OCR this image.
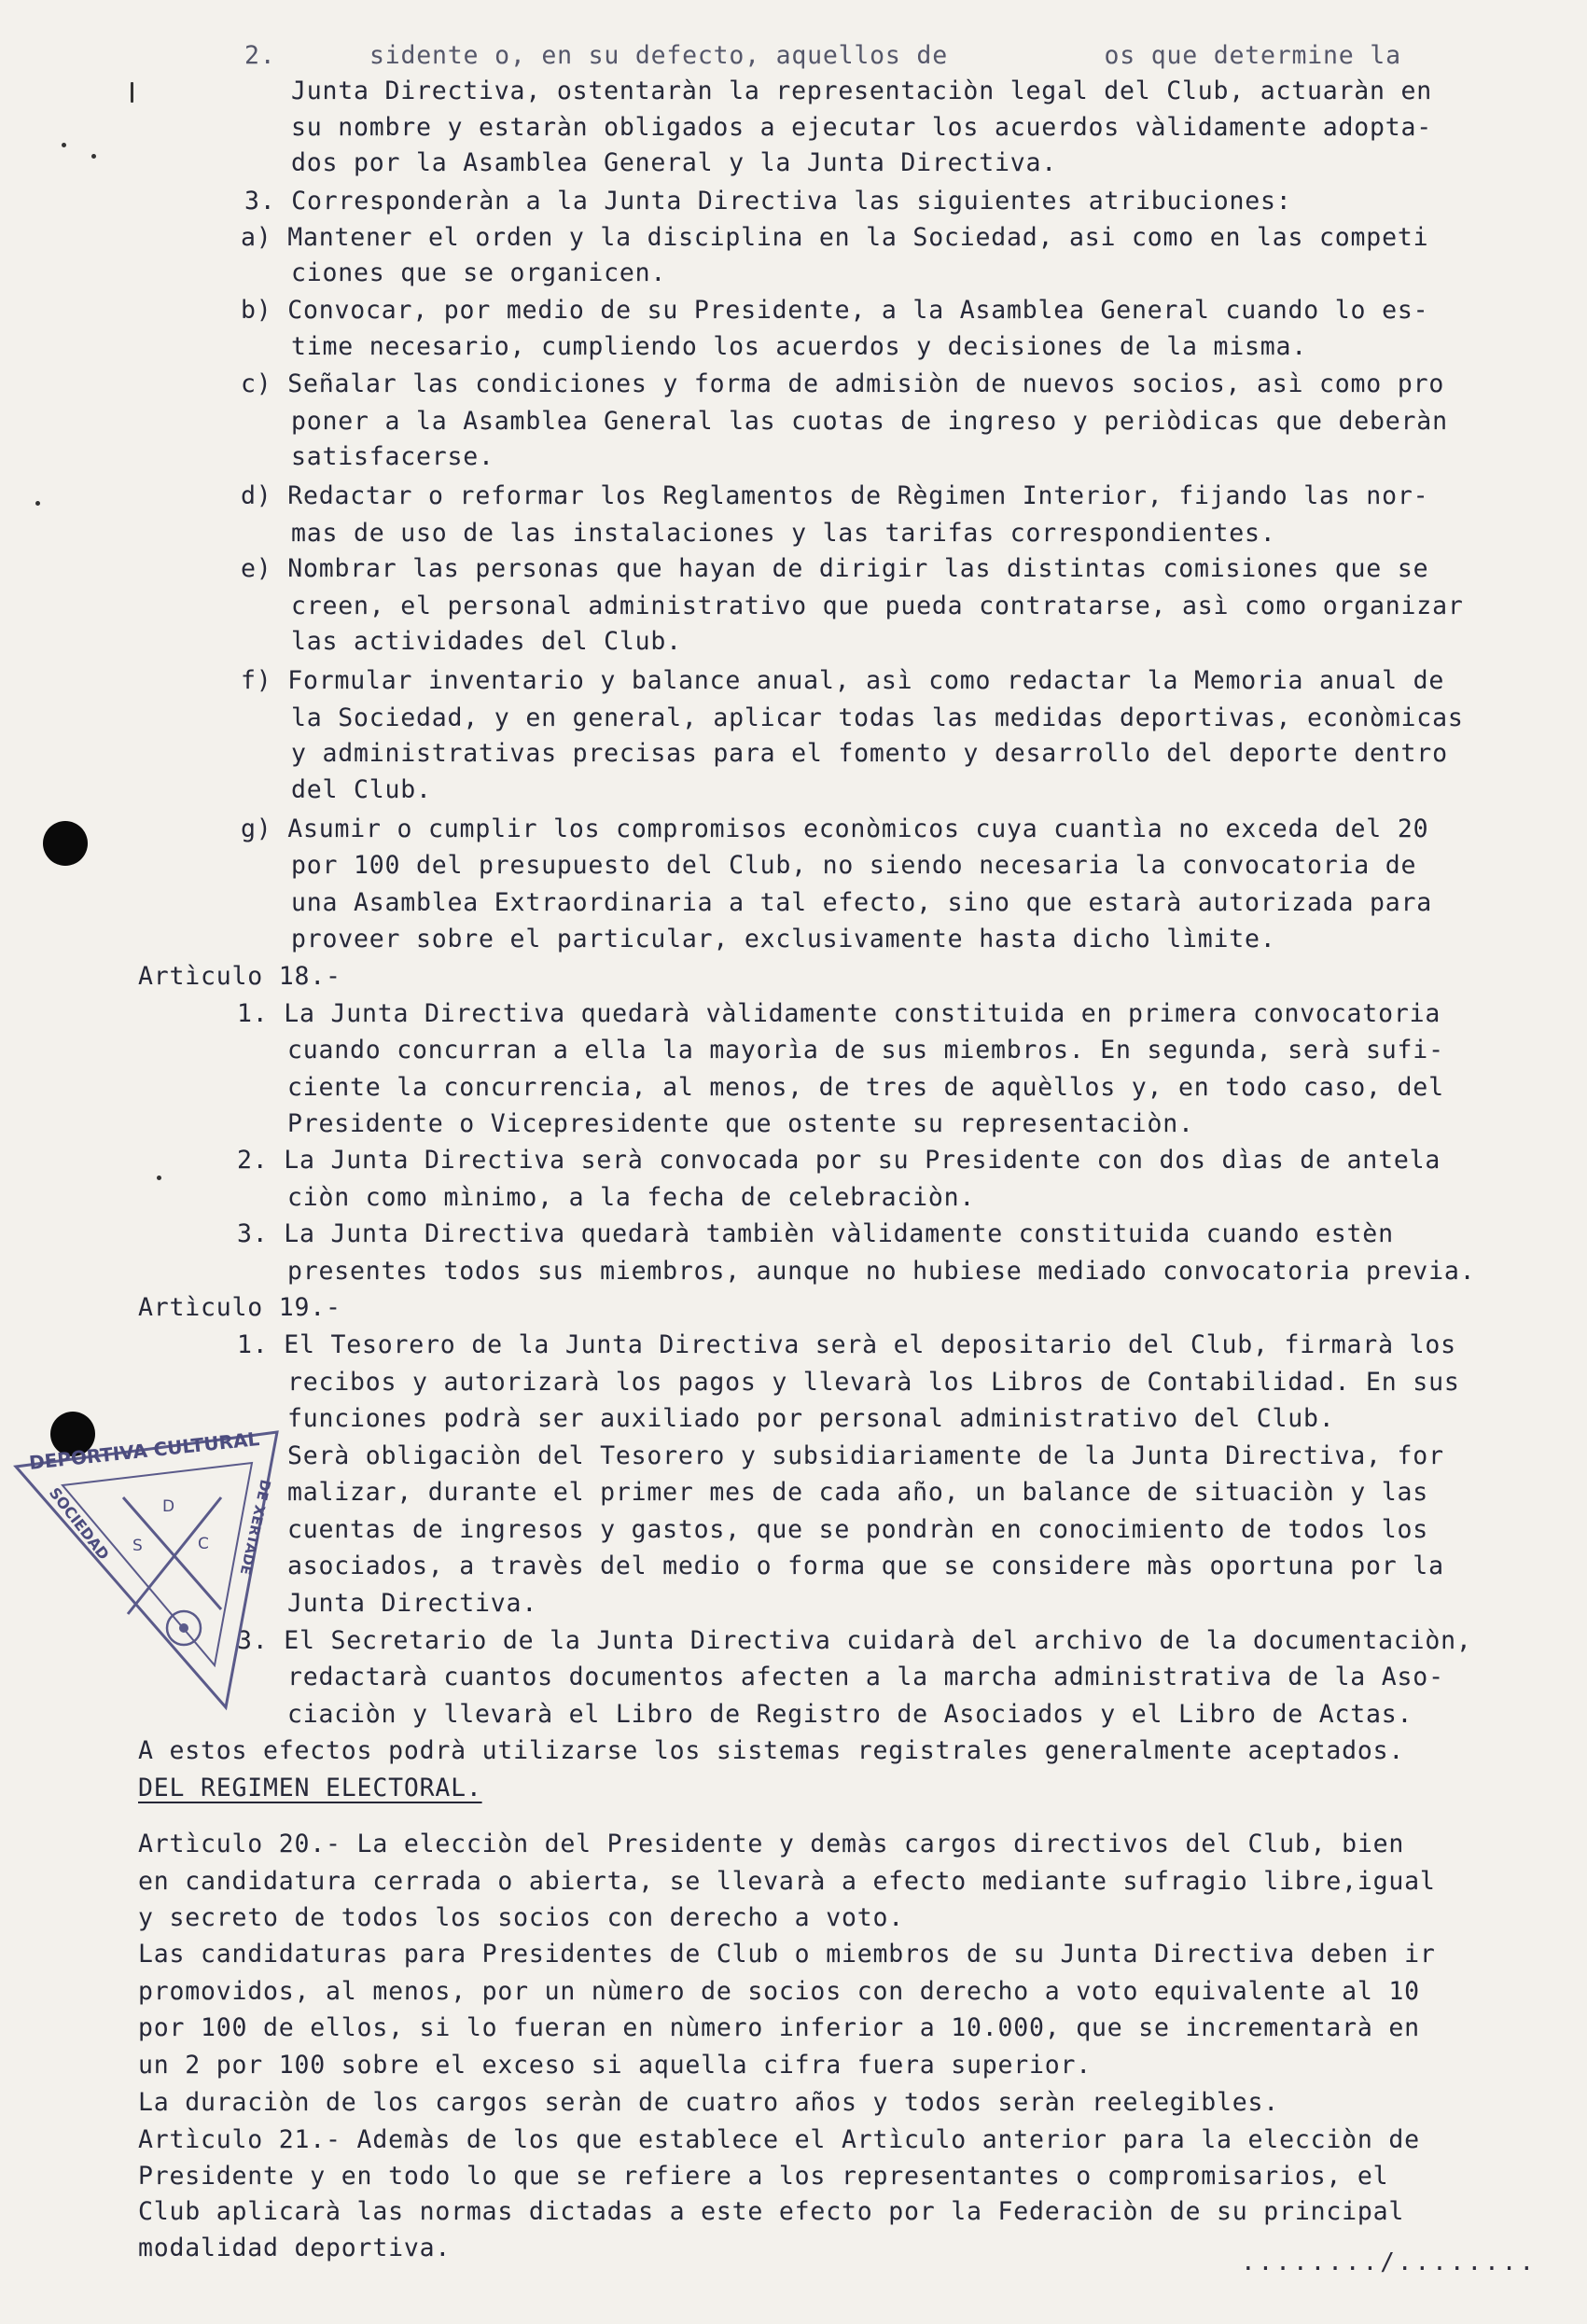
2.      sidente o, en su defecto, aquellos de          os que determine la
Junta Directiva, ostentaràn la representaciòn legal del Club, actuaràn en
su nombre y estaràn obligados a ejecutar los acuerdos vàlidamente adopta-
dos por la Asamblea General y la Junta Directiva.
3. Corresponderàn a la Junta Directiva las siguientes atribuciones:
a) Mantener el orden y la disciplina en la Sociedad, asi como en las competi
ciones que se organicen.
b) Convocar, por medio de su Presidente, a la Asamblea General cuando lo es-
time necesario, cumpliendo los acuerdos y decisiones de la misma.
c) Señalar las condiciones y forma de admisiòn de nuevos socios, asì como pro
poner a la Asamblea General las cuotas de ingreso y periòdicas que deberàn
satisfacerse.
d) Redactar o reformar los Reglamentos de Règimen Interior, fijando las nor-
mas de uso de las instalaciones y las tarifas correspondientes.
e) Nombrar las personas que hayan de dirigir las distintas comisiones que se
creen, el personal administrativo que pueda contratarse, asì como organizar
las actividades del Club.
f) Formular inventario y balance anual, asì como redactar la Memoria anual de
la Sociedad, y en general, aplicar todas las medidas deportivas, econòmicas
y administrativas precisas para el fomento y desarrollo del deporte dentro
del Club.
g) Asumir o cumplir los compromisos econòmicos cuya cuantìa no exceda del 20
por 100 del presupuesto del Club, no siendo necesaria la convocatoria de
una Asamblea Extraordinaria a tal efecto, sino que estarà autorizada para
proveer sobre el particular, exclusivamente hasta dicho lìmite.
Artìculo 18.-
1. La Junta Directiva quedarà vàlidamente constituida en primera convocatoria
cuando concurran a ella la mayorìa de sus miembros. En segunda, serà sufi-
ciente la concurrencia, al menos, de tres de aquèllos y, en todo caso, del
Presidente o Vicepresidente que ostente su representaciòn.
2. La Junta Directiva serà convocada por su Presidente con dos dìas de antela
ciòn como mìnimo, a la fecha de celebraciòn.
3. La Junta Directiva quedarà tambièn vàlidamente constituida cuando estèn
presentes todos sus miembros, aunque no hubiese mediado convocatoria previa.
Artìculo 19.-
1. El Tesorero de la Junta Directiva serà el depositario del Club, firmarà los
recibos y autorizarà los pagos y llevarà los Libros de Contabilidad. En sus
funciones podrà ser auxiliado por personal administrativo del Club.
Serà obligaciòn del Tesorero y subsidiariamente de la Junta Directiva, for
malizar, durante el primer mes de cada año, un balance de situaciòn y las
cuentas de ingresos y gastos, que se pondràn en conocimiento de todos los
asociados, a travès del medio o forma que se considere màs oportuna por la
Junta Directiva.
3. El Secretario de la Junta Directiva cuidarà del archivo de la documentaciòn,
redactarà cuantos documentos afecten a la marcha administrativa de la Aso-
ciaciòn y llevarà el Libro de Registro de Asociados y el Libro de Actas.
A estos efectos podrà utilizarse los sistemas registrales generalmente aceptados.
DEL REGIMEN ELECTORAL.
Artìculo 20.- La elecciòn del Presidente y demàs cargos directivos del Club, bien
en candidatura cerrada o abierta, se llevarà a efecto mediante sufragio libre,igual
y secreto de todos los socios con derecho a voto.
Las candidaturas para Presidentes de Club o miembros de su Junta Directiva deben ir
promovidos, al menos, por un nùmero de socios con derecho a voto equivalente al 10
por 100 de ellos, si lo fueran en nùmero inferior a 10.000, que se incrementarà en
un 2 por 100 sobre el exceso si aquella cifra fuera superior.
La duraciòn de los cargos seràn de cuatro años y todos seràn reelegibles.
Artìculo 21.- Ademàs de los que establece el Artìculo anterior para la elecciòn de
Presidente y en todo lo que se refiere a los representantes o compromisarios, el
Club aplicarà las normas dictadas a este efecto por la Federaciòn de su principal
modalidad deportiva.	......../........
DEPORTIVA CULTURAL
SOCIEDAD
DE XERTADE
D
S	C
